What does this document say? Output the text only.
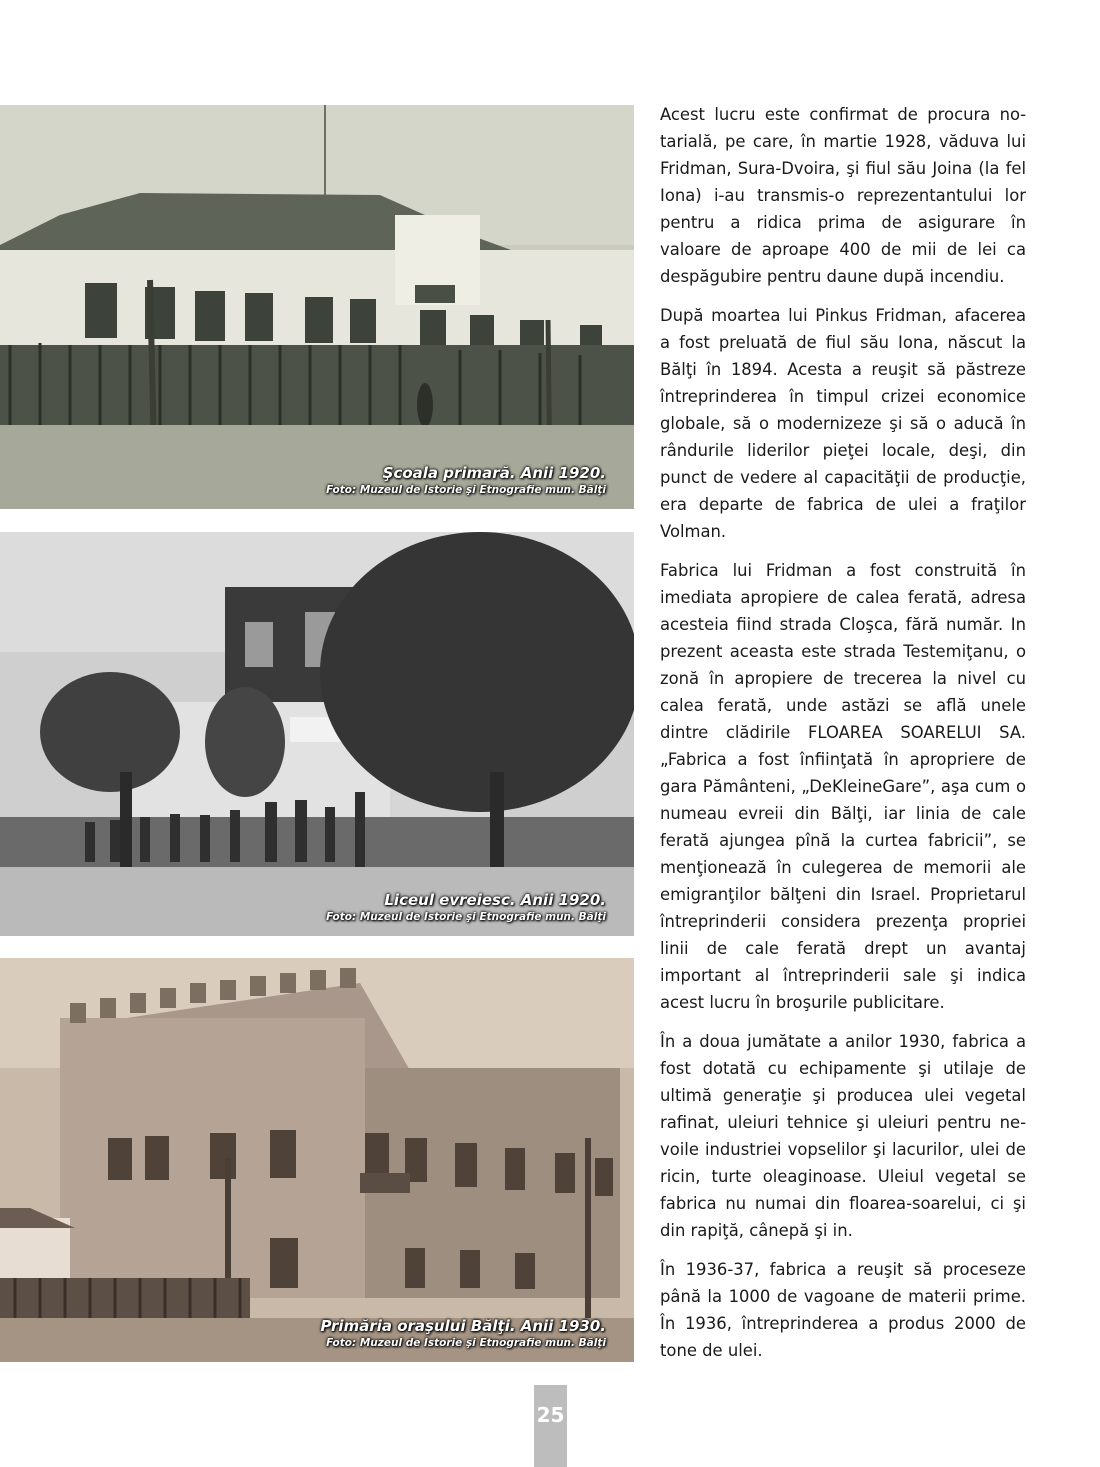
Şcoala primară. Anii 1920.
Foto: Muzeul de Istorie şi Etnografie mun. Bălţi
Liceul evreiesc. Anii 1920.
Foto: Muzeul de Istorie şi Etnografie mun. Bălţi
Primăria oraşului Bălţi. Anii 1930.
Foto: Muzeul de Istorie şi Etnografie mun. Bălţi

Acest lucru este confirmat de procura notarială, pe care, în martie 1928, văduva lui Fridman, Sura-Dvoira, şi fiul său Joina (la fel Iona) i-au transmis-o reprezentantului lor pentru a ridica prima de asigurare în valoare de aproape 400 de mii de lei ca despăgubire pentru daune după incendiu.

După moartea lui Pinkus Fridman, afacerea a fost preluată de fiul său Iona, născut la Bălţi în 1894. Acesta a reuşit să păstreze întreprinderea în timpul crizei economice globale, să o modernizeze şi să o aducă în rândurile liderilor pieţei locale, deşi, din punct de vedere al capacităţii de producţie, era departe de fabrica de ulei a fraţilor Volman.

Fabrica lui Fridman a fost construită în imediata apropiere de calea ferată, adresa acesteia fiind strada Cloşca, fără număr. In prezent aceasta este strada Testemiţanu, o zonă în apropiere de trecerea la nivel cu calea ferată, unde astăzi se află unele dintre clădirile FLOAREA SOARELUI SA. „Fabrica a fost înfiinţată în apropriere de gara Pământeni, „DeKleineGare”, aşa cum o numeau evreii din Bălţi, iar linia de cale ferată ajungea pînă la curtea fabricii”, se menţionează în culegerea de memorii ale emigranţilor bălţeni din Israel. Proprietarul întreprinderii considera prezenţa propriei linii de cale ferată drept un avantaj important al întreprinderii sale şi indica acest lucru în broşurile publicitare.

În a doua jumătate a anilor 1930, fabrica a fost dotată cu echipamente şi utilaje de ultimă generaţie şi producea ulei vegetal rafinat, uleiuri tehnice şi uleiuri pentru nevoile industriei vopselilor şi lacurilor, ulei de ricin, turte oleaginoase. Uleiul vegetal se fabrica nu numai din floarea-soarelui, ci şi din rapiţă, cânepă şi in.

În 1936-37, fabrica a reuşit să proceseze până la 1000 de vagoane de materii prime. În 1936, întreprinderea a produs 2000 de tone de ulei.

25
